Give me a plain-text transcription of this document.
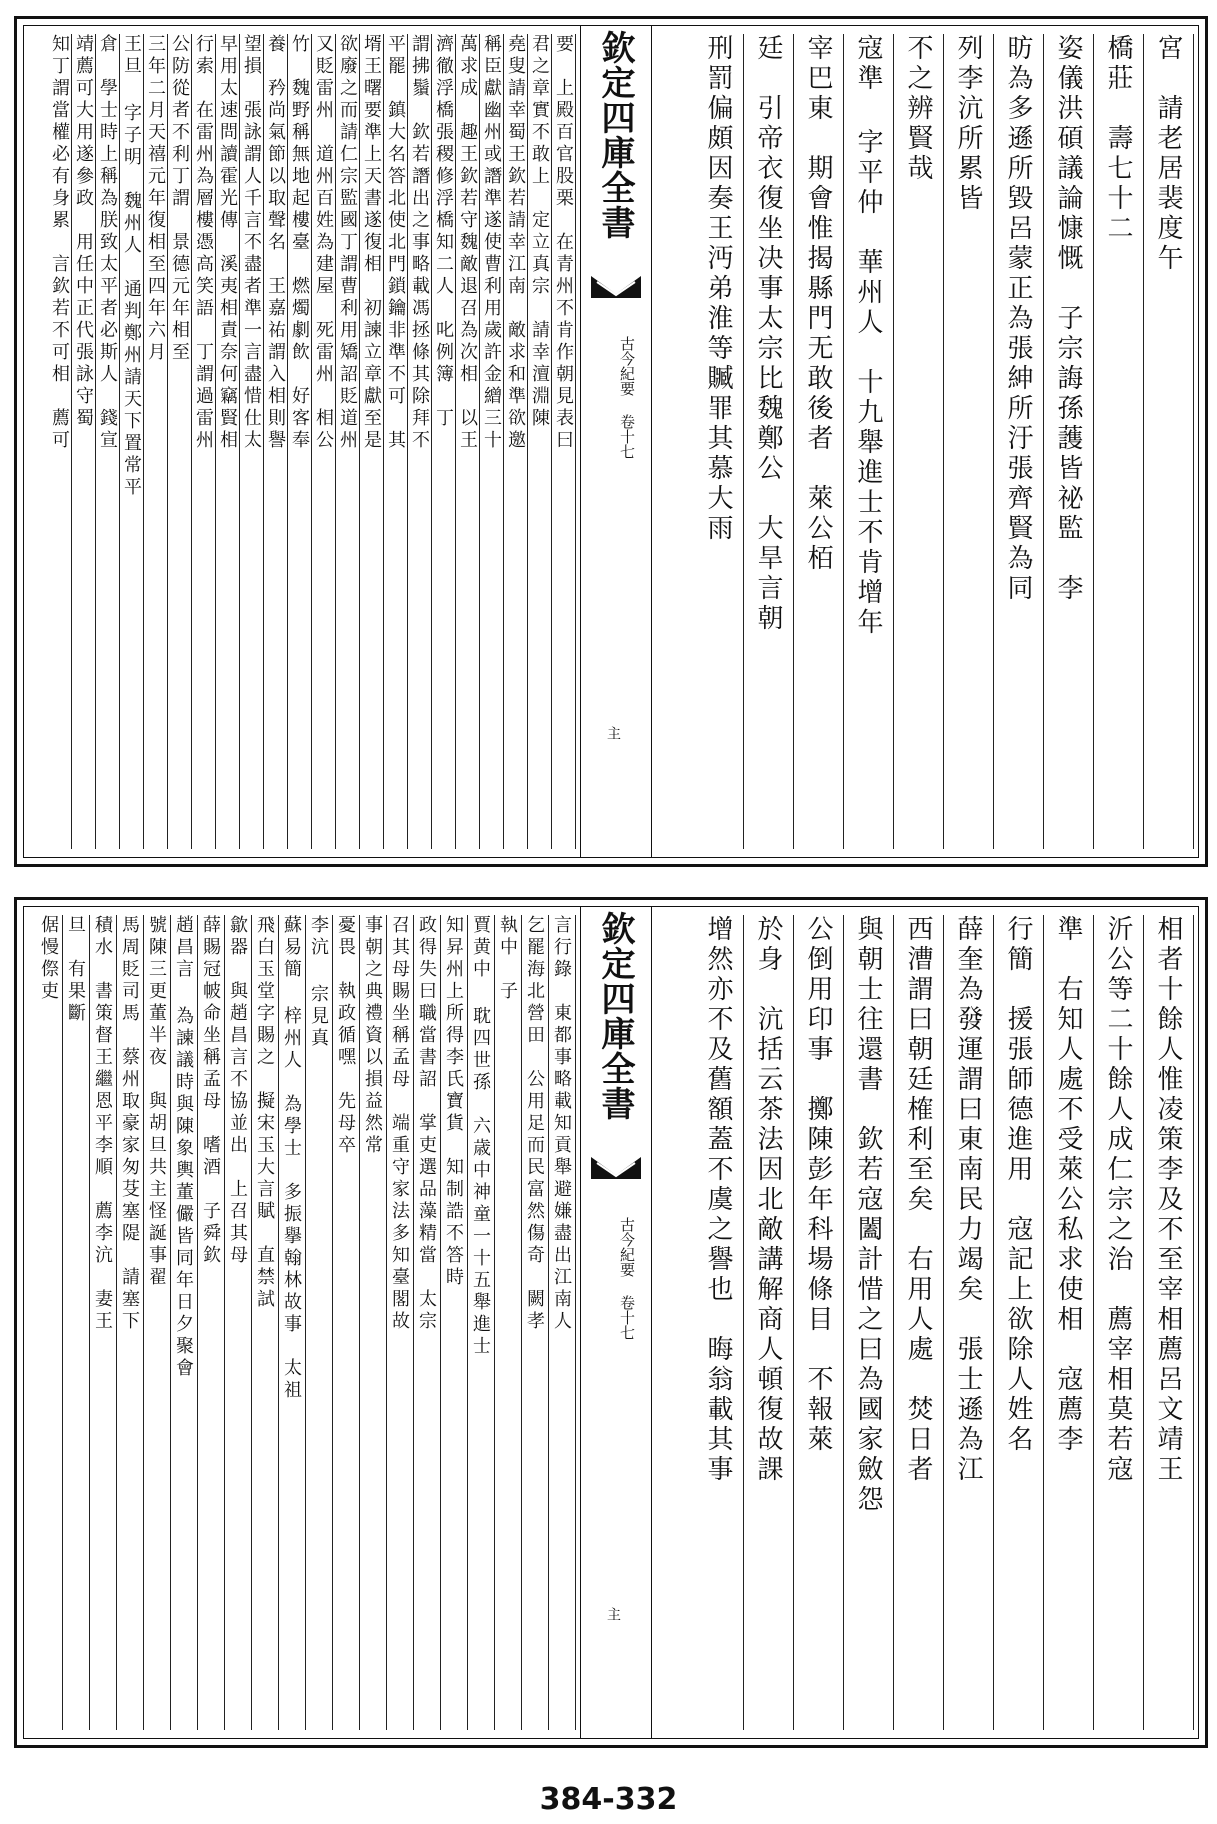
宮　請老居裴度午
橋莊　壽七十二
姿儀洪碩議論慷慨　子宗誨孫䕶皆祕監　李
昉為多遜所毀呂蒙正為張紳所汙張齊賢為同
列李沆所累皆
不之辨賢哉
寇準 字平仲　華州人　十九舉進士不肯增年
宰巴東　期會惟揭縣門无敢後者　萊公栢
廷　引帝衣復坐决事太宗比魏鄭公　大旱言朝
刑罰偏頗因奏王沔弟淮等贓罪其慕大雨
欽定四庫全書
古今紀要 卷十七
主
要　上殿百官股栗　在青州不肯作朝見表曰
君之章實不敢上　定立真宗　請幸澶淵陳
堯叟請幸蜀王欽若請幸江南　敵求和準欲邀
稱臣獻幽州或譖準遂使曹利用歲許金繒三十
萬求成　趣王欽若守魏敵退召為次相　以王
濟徹浮橋張稷修浮橋知二人　叱例簿　丁
謂拂鬚　欽若譖出之事略載馮拯條其除拜不
平罷　鎮大名答北使北門鎖鑰非準不可　其
壻王曙要準上天書遂復相　初諫立章獻至是
欲廢之而請仁宗監國丁謂曹利用矯詔貶道州
又貶雷州　道州百姓為建屋　死雷州　相公
竹　魏野稱無地起樓臺　燃燭劇飲　好客奉
養　矜尚氣節以取聲名　王嘉祐謂入相則譽
望損　張詠謂人千言不盡者準一言盡惜仕太
早用太速問讀霍光傳　溪夷相責奈何竊賢相
行索　在雷州為層樓憑高笑語　丁謂過雷州
公防從者不利丁謂　景德元年相至
三年二月天禧元年復相至四年六月
王旦 字子明　魏州人　通判鄭州請天下置常平
倉　學士時上稱為朕致太平者必斯人　錢宣
靖薦可大用遂參政　用任中正代張詠守蜀
知丁謂當權必有身累　言欽若不可相　薦可
相者十餘人惟凌策李及不至宰相薦呂文靖王
沂公等二十餘人成仁宗之治　薦宰相莫若寇
準　右知人處不受萊公私求使相　寇薦李
行簡　援張師德進用　寇記上欲除人姓名
薛奎為發運謂曰東南民力竭矣　張士遜為江
西漕謂曰朝廷榷利至矣　右用人處　焚日者
與朝士往還書　欽若寇闔計惜之曰為國家斂怨
公倒用印事　擲陳彭年科場條目　不報萊
於身　沆括云茶法因北敵講解商人頓復故課
增然亦不及舊額蓋不虞之譽也　晦翁載其事
欽定四庫全書
古今紀要 卷十七
主
言行錄　東都事略載知貢舉避嫌盡出江南人
乞罷海北營田　公用足而民富然傷奇　闕孝
執中　子
賈黄中 耽四世孫　六歳中神童一十五舉進士
知昇州上所得李氏寶貨　知制誥不答時
政得失曰職當書詔　掌吏選品藻精當　太宗
召其母賜坐稱孟母　端重守家法多知臺閣故
事朝之典禮資以損益然常
憂畏　執政循嘿　先母卒
李沆 宗見真
蘇易簡 梓州人　為學士　多振擧翰林故事　太祖
飛白玉堂字賜之　擬宋玉大言賦　直禁試
歙器　與趙昌言不協並出　上召其母
薛賜冠帔命坐稱孟母　嗜酒　子舜欽
趙昌言 為諫議時與陳象輿董儼皆同年日夕聚會
號陳三更董半夜　與胡旦共主怪誕事翟
馬周貶司馬　蔡州取豪家匆芟塞隄　請塞下
積水　書策督王繼恩平李順　薦李沆　妻王
旦　有果斷
倨慢傺吏
384-332
